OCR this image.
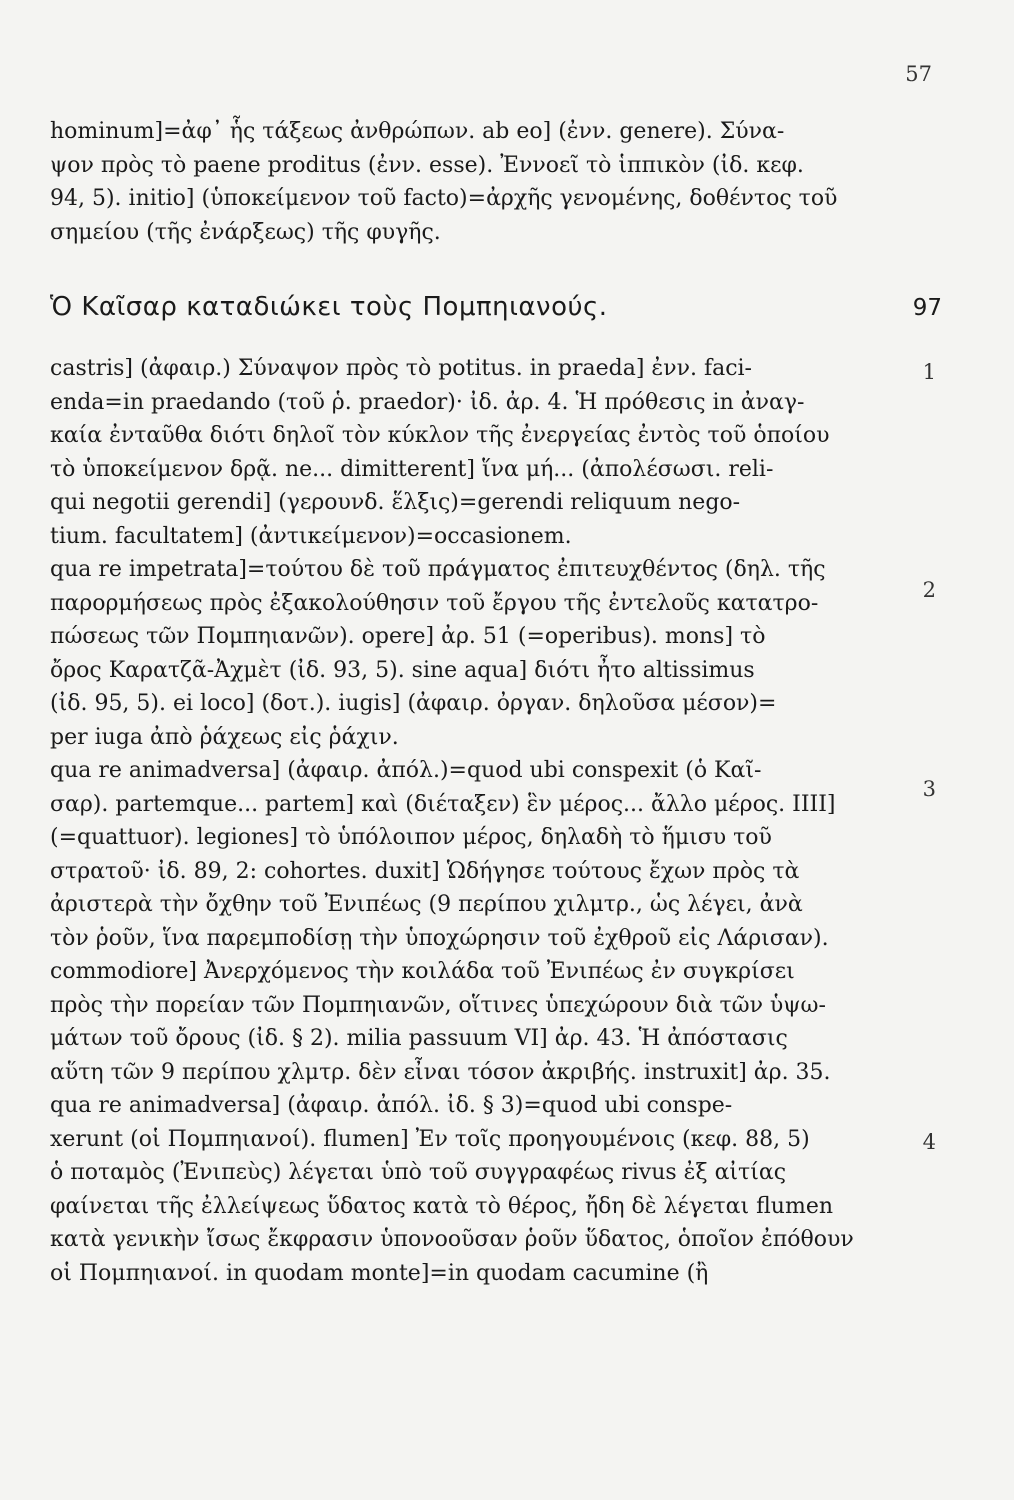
57
hominum]=ἀφ᾽ ἧς τάξεως ἀνθρώπων. ab eo] (ἐνν. genere). Σύνα-
ψον πρὸς τὸ paene proditus (ἐνν. esse). Ἐννοεῖ τὸ ἱππικὸν (ἰδ. κεφ.
94, 5). initio] (ὑποκείμενον τοῦ facto)=ἀρχῆς γενομένης, δοθέντος τοῦ
σημείου (τῆς ἐνάρξεως) τῆς φυγῆς.
Ὁ Καῖσαρ καταδιώκει τοὺς Πομπηιανούς.	97
castris] (ἀφαιρ.) Σύναψον πρὸς τὸ potitus. in praeda] ἐνν. faci-
enda=in praedando (τοῦ ῥ. praedor)· ἰδ. ἀρ. 4. Ἡ πρόθεσις in ἀναγ-
καία ἐνταῦθα διότι δηλοῖ τὸν κύκλον τῆς ἐνεργείας ἐντὸς τοῦ ὁποίου
τὸ ὑποκείμενον δρᾷ. ne... dimitterent] ἵνα μή... (ἀπολέσωσι. reli-
qui negotii gerendi] (γερουνδ. ἕλξις)=gerendi reliquum nego-
tium. facultatem] (ἀντικείμενον)=occasionem.
qua re impetrata]=τούτου δὲ τοῦ πράγματος ἐπιτευχθέντος (δηλ. τῆς
παρορμήσεως πρὸς ἐξακολούθησιν τοῦ ἔργου τῆς ἐντελοῦς κατατρο-
πώσεως τῶν Πομπηιανῶν). opere] ἀρ. 51 (=operibus). mons] τὸ
ὄρος Καρατζᾶ-Ἀχμὲτ (ἰδ. 93, 5). sine aqua] διότι ἦτο altissimus
(ἰδ. 95, 5). ei loco] (δοτ.). iugis] (ἀφαιρ. ὀργαν. δηλοῦσα μέσον)=
per iuga ἀπὸ ῥάχεως εἰς ῥάχιν.
qua re animadversa] (ἀφαιρ. ἀπόλ.)=quod ubi conspexit (ὁ Καῖ-
σαρ). partemque... partem] καὶ (διέταξεν) ἓν μέρος... ἄλλο μέρος. IIII]
(=quattuor). legiones] τὸ ὑπόλοιπον μέρος, δηλαδὴ τὸ ἥμισυ τοῦ
στρατοῦ· ἰδ. 89, 2: cohortes. duxit] Ὡδήγησε τούτους ἔχων πρὸς τὰ
ἀριστερὰ τὴν ὄχθην τοῦ Ἐνιπέως (9 περίπου χιλμτρ., ὡς λέγει, ἀνὰ
τὸν ῥοῦν, ἵνα παρεμποδίσῃ τὴν ὑποχώρησιν τοῦ ἐχθροῦ εἰς Λάρισαν).
commodiore] Ἀνερχόμενος τὴν κοιλάδα τοῦ Ἐνιπέως ἐν συγκρίσει
πρὸς τὴν πορείαν τῶν Πομπηιανῶν, οἵτινες ὑπεχώρουν διὰ τῶν ὑψω-
μάτων τοῦ ὄρους (ἰδ. § 2). milia passuum VI] ἀρ. 43. Ἡ ἀπόστασις
αὕτη τῶν 9 περίπου χλμτρ. δὲν εἶναι τόσον ἀκριβής. instruxit] ἀρ. 35.
qua re animadversa] (ἀφαιρ. ἀπόλ. ἰδ. § 3)=quod ubi conspe-
xerunt (οἱ Πομπηιανοί). flumen] Ἐν τοῖς προηγουμένοις (κεφ. 88, 5)
ὁ ποταμὸς (Ἐνιπεὺς) λέγεται ὑπὸ τοῦ συγγραφέως rivus ἐξ αἰτίας
φαίνεται τῆς ἐλλείψεως ὕδατος κατὰ τὸ θέρος, ἤδη δὲ λέγεται flumen
κατὰ γενικὴν ἴσως ἔκφρασιν ὑπονοοῦσαν ῥοῦν ὕδατος, ὁποῖον ἐπόθουν
οἱ Πομπηιανοί. in quodam monte]=in quodam cacumine (ἢ
1
2
3
4
